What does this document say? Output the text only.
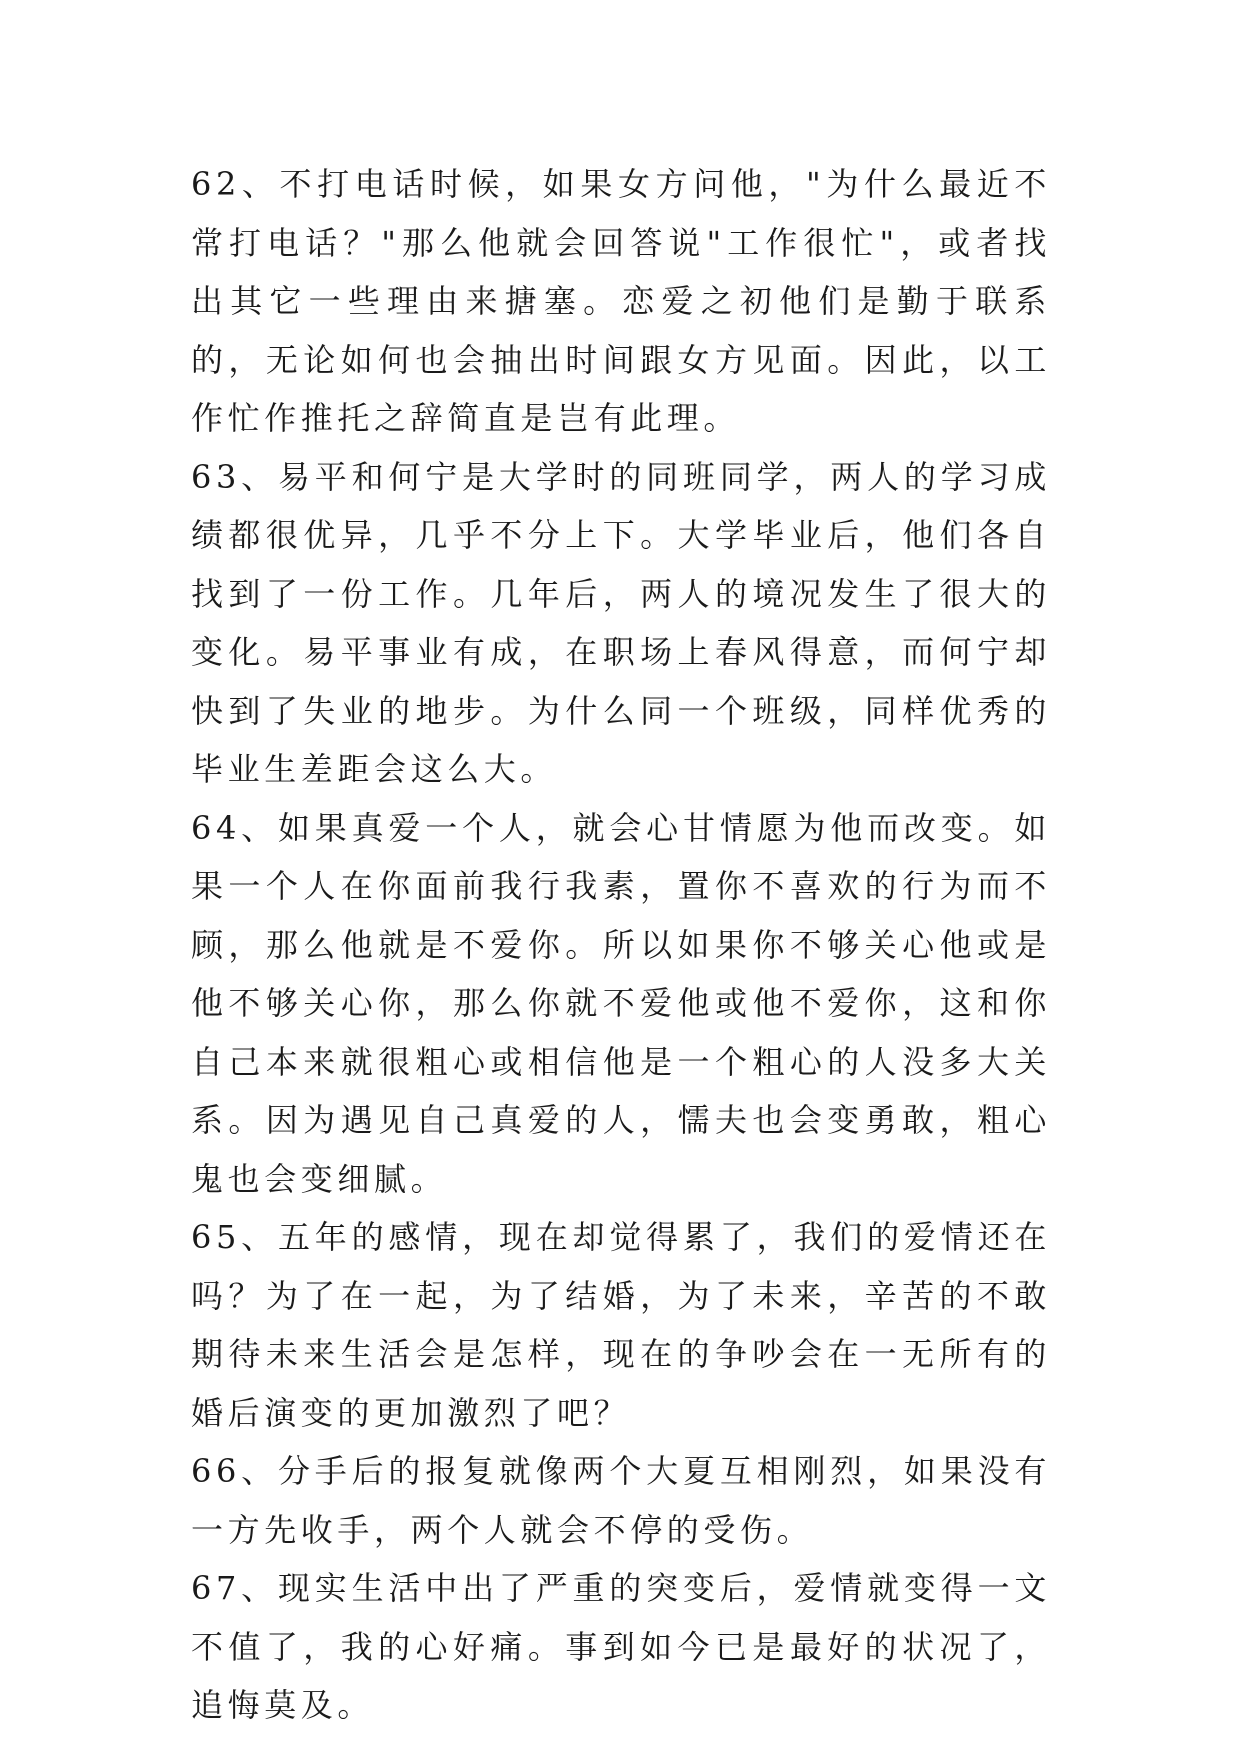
62、不打电话时候，如果女方问他，"为什么最近不常打电话？"那么他就会回答说"工作很忙"，或者找出其它一些理由来搪塞。恋爱之初他们是勤于联系的，无论如何也会抽出时间跟女方见面。因此，以工作忙作推托之辞简直是岂有此理。

63、易平和何宁是大学时的同班同学，两人的学习成绩都很优异，几乎不分上下。大学毕业后，他们各自找到了一份工作。几年后，两人的境况发生了很大的变化。易平事业有成，在职场上春风得意，而何宁却快到了失业的地步。为什么同一个班级，同样优秀的毕业生差距会这么大。

64、如果真爱一个人，就会心甘情愿为他而改变。如果一个人在你面前我行我素，置你不喜欢的行为而不顾，那么他就是不爱你。所以如果你不够关心他或是他不够关心你，那么你就不爱他或他不爱你，这和你自己本来就很粗心或相信他是一个粗心的人没多大关系。因为遇见自己真爱的人，懦夫也会变勇敢，粗心鬼也会变细腻。

65、五年的感情，现在却觉得累了，我们的爱情还在吗？为了在一起，为了结婚，为了未来，辛苦的不敢期待未来生活会是怎样，现在的争吵会在一无所有的婚后演变的更加激烈了吧？

66、分手后的报复就像两个大夏互相刚烈，如果没有一方先收手，两个人就会不停的受伤。

67、现实生活中出了严重的突变后，爱情就变得一文不值了，我的心好痛。事到如今已是最好的状况了，追悔莫及。
